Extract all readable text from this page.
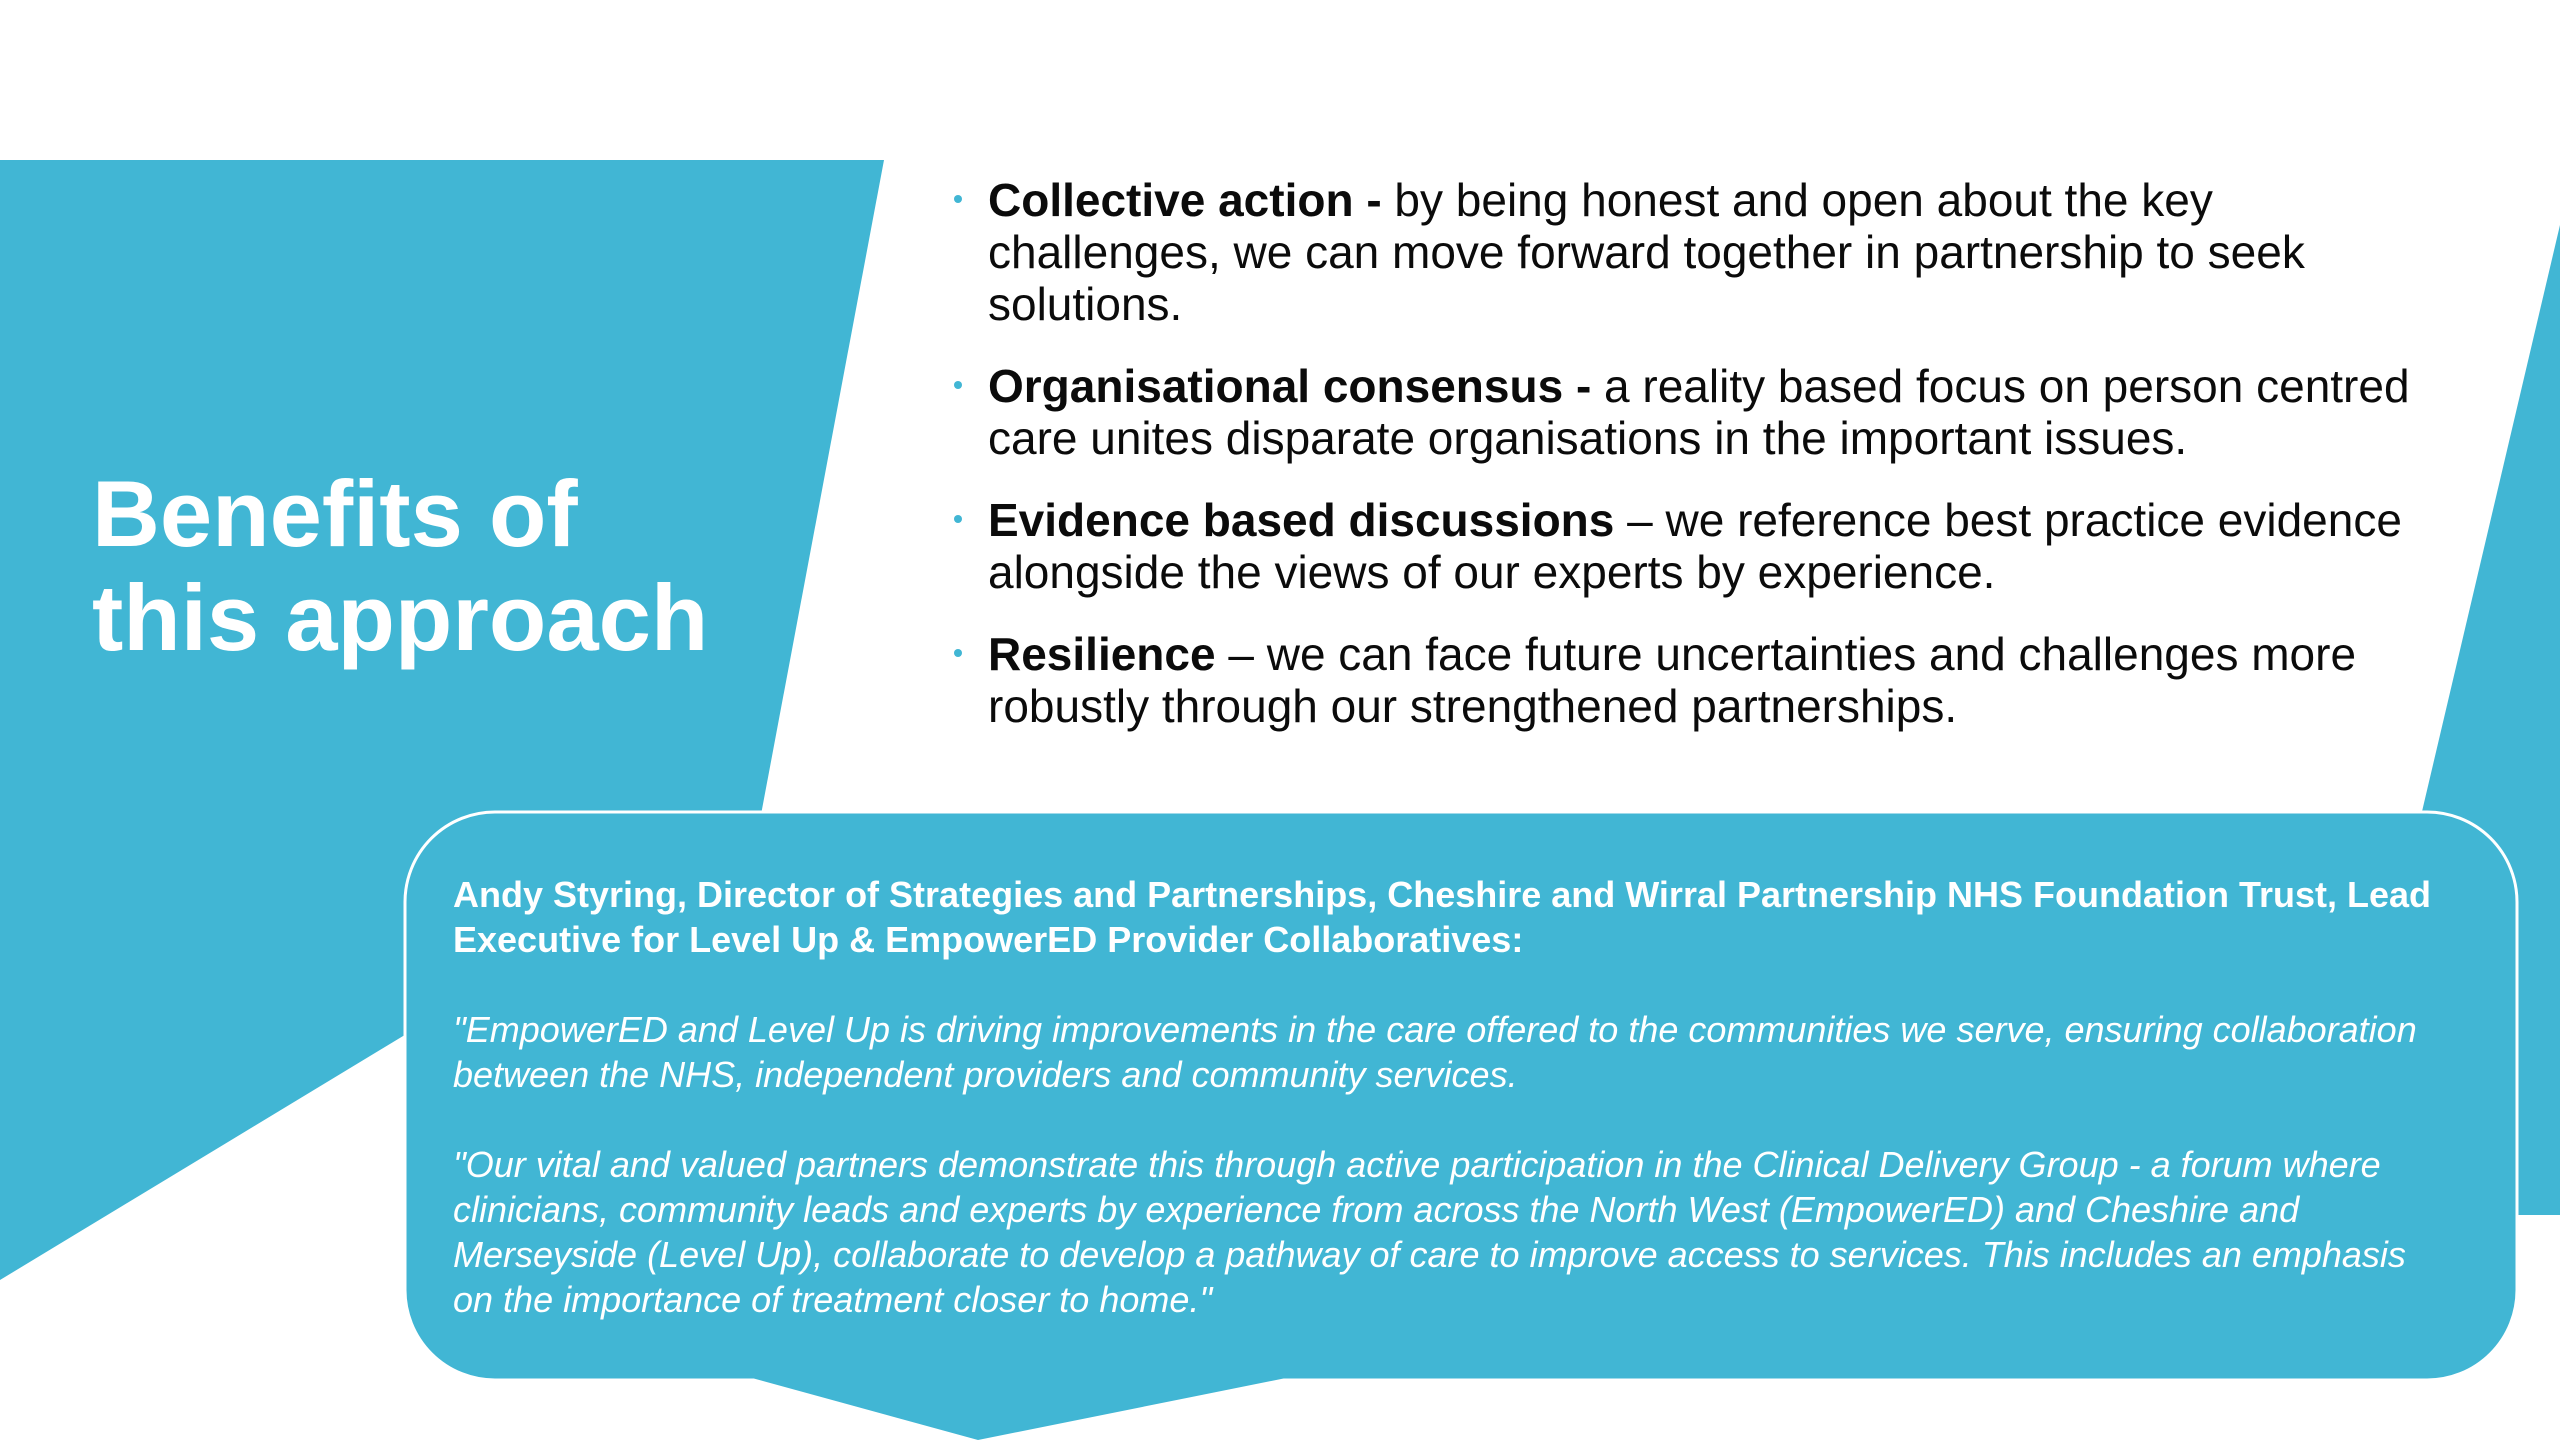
Benefits of
this approach
Collective action - by being honest and open about the key challenges, we can move forward together in partnership to seek solutions.
Organisational consensus - a reality based focus on person centred care unites disparate organisations in the important issues.
Evidence based discussions – we reference best practice evidence alongside the views of our experts by experience.
Resilience – we can face future uncertainties and challenges more robustly through our strengthened partnerships.

Andy Styring, Director of Strategies and Partnerships, Cheshire and Wirral Partnership NHS Foundation Trust, Lead Executive for Level Up & EmpowerED Provider Collaboratives:

"EmpowerED and Level Up is driving improvements in the care offered to the communities we serve, ensuring collaboration between the NHS, independent providers and community services.

"Our vital and valued partners demonstrate this through active participation in the Clinical Delivery Group - a forum where clinicians, community leads and experts by experience from across the North West (EmpowerED) and Cheshire and Merseyside (Level Up), collaborate to develop a pathway of care to improve access to services. This includes an emphasis on the importance of treatment closer to home."
